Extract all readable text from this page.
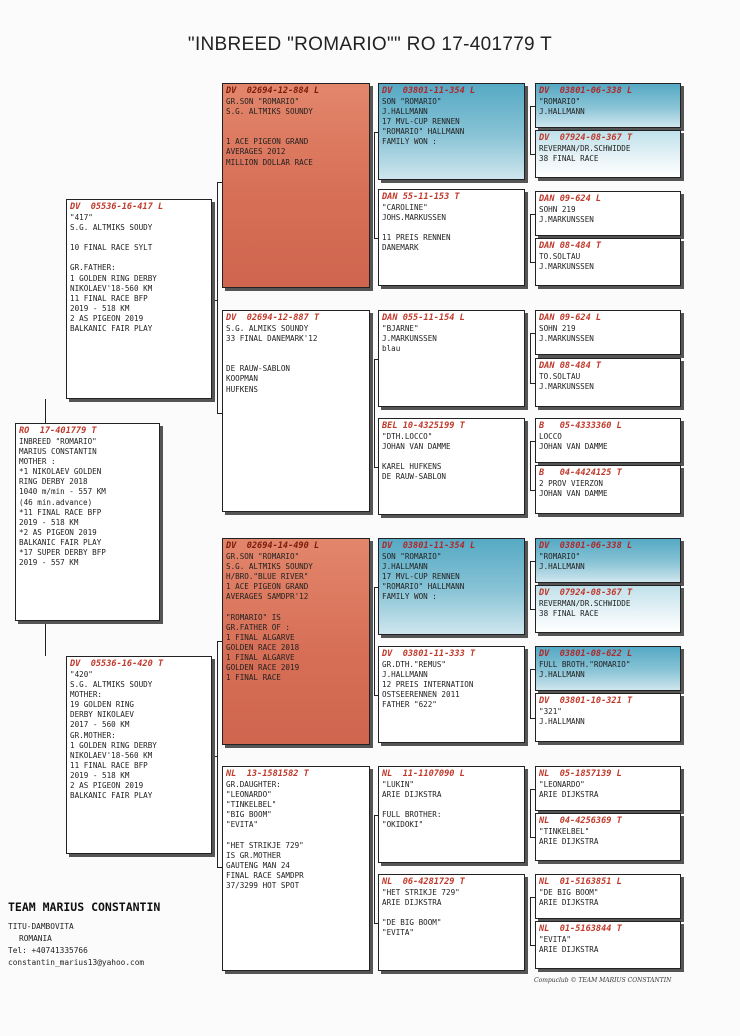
"INBREED "ROMARIO"" RO 17-401779 T
RO  17-401779 T
INBREED "ROMARIO"
MARIUS CONSTANTIN
MOTHER :
*1 NIKOLAEV GOLDEN
RING DERBY 2018
1040 m/min - 557 KM
(46 min.advance)
*11 FINAL RACE BFP
2019 - 518 KM
*2 AS PIGEON 2019
BALKANIC FAIR PLAY
*17 SUPER DERBY BFP
2019 - 557 KM
DV  05536-16-417 L
"417"
S.G. ALTMIKS SOUDY
10 FINAL RACE SYLT
GR.FATHER:
1 GOLDEN RING DERBY
NIKOLAEV'18-560 KM
11 FINAL RACE BFP
2019 - 518 KM
2 AS PIGEON 2019
BALKANIC FAIR PLAY
DV  05536-16-420 T
"420"
S.G. ALTMIKS SOUDY
MOTHER:
19 GOLDEN RING
DERBY NIKOLAEV
2017 - 560 KM
GR.MOTHER:
1 GOLDEN RING DERBY
NIKOLAEV'18-560 KM
11 FINAL RACE BFP
2019 - 518 KM
2 AS PIGEON 2019
BALKANIC FAIR PLAY
DV  02694-12-884 L
GR.SON "ROMARIO"
S.G. ALTMIKS SOUNDY
1 ACE PIGEON GRAND
AVERAGES 2012
MILLION DOLLAR RACE
DV  02694-12-887 T
S.G. ALMIKS SOUNDY
33 FINAL DANEMARK'12
DE RAUW-SABLON
KOOPMAN
HUFKENS
DV  02694-14-490 L
GR.SON "ROMARIO"
S.G. ALTMIKS SOUNDY
H/BRO."BLUE RIVER"
1 ACE PIGEON GRAND
AVERAGES SAMDPR'12
"ROMARIO" IS
GR.FATHER OF :
1 FINAL ALGARVE
GOLDEN RACE 2018
1 FINAL ALGARVE
GOLDEN RACE 2019
1 FINAL RACE
NL  13-1581582 T
GR.DAUGHTER:
"LEONARDO"
"TINKELBEL"
"BIG BOOM"
"EVITA"
"HET STRIKJE 729"
IS GR.MOTHER
GAUTENG MAN 24
FINAL RACE SAMDPR
37/3299 HOT SPOT
DV  03801-11-354 L
SON "ROMARIO"
J.HALLMANN
17 MVL-CUP RENNEN
"ROMARIO" HALLMANN
FAMILY WON :
DAN 55-11-153 T
"CAROLINE"
JOHS.MARKUSSEN
11 PREIS RENNEN
DANEMARK
DAN 055-11-154 L
"BJARNE"
J.MARKUNSSEN
blau
BEL 10-4325199 T
"DTH.LOCCO"
JOHAN VAN DAMME
KAREL HUFKENS
DE RAUW-SABLON
DV  03801-11-354 L
SON "ROMARIO"
J.HALLMANN
17 MVL-CUP RENNEN
"ROMARIO" HALLMANN
FAMILY WON :
DV  03801-11-333 T
GR.DTH."REMUS"
J.HALLMANN
12 PREIS INTERNATION
OSTSEERENNEN 2011
FATHER "622"
NL  11-1107090 L
"LUKIN"
ARIE DIJKSTRA
FULL BROTHER:
"OKIDOKI"
NL  06-4281729 T
"HET STRIKJE 729"
ARIE DIJKSTRA
"DE BIG BOOM"
"EVITA"
DV  03801-06-338 L
"ROMARIO"
J.HALLMANN
DV  07924-08-367 T
REVERMAN/DR.SCHWIDDE
38 FINAL RACE
DAN 09-624 L
SOHN 219
J.MARKUNSSEN
DAN 08-484 T
TO.SOLTAU
J.MARKUNSSEN
DAN 09-624 L
SOHN 219
J.MARKUNSSEN
DAN 08-484 T
TO.SOLTAU
J.MARKUNSSEN
B   05-4333360 L
LOCCO
JOHAN VAN DAMME
B   04-4424125 T
2 PROV VIERZON
JOHAN VAN DAMME
DV  03801-06-338 L
"ROMARIO"
J.HALLMANN
DV  07924-08-367 T
REVERMAN/DR.SCHWIDDE
38 FINAL RACE
DV  03801-08-622 L
FULL BROTH."ROMARIO"
J.HALLMANN
DV  03801-10-321 T
"321"
J.HALLMANN
NL  05-1857139 L
"LEONARDO"
ARIE DIJKSTRA
NL  04-4256369 T
"TINKELBEL"
ARIE DIJKSTRA
NL  01-5163851 L
"DE BIG BOOM"
ARIE DIJKSTRA
NL  01-5163844 T
"EVITA"
ARIE DIJKSTRA
TEAM MARIUS CONSTANTIN
TITU-DAMBOVITA
ROMANIA
Tel: +40741335766
constantin_marius13@yahoo.com
Compuclub © TEAM MARIUS CONSTANTIN
